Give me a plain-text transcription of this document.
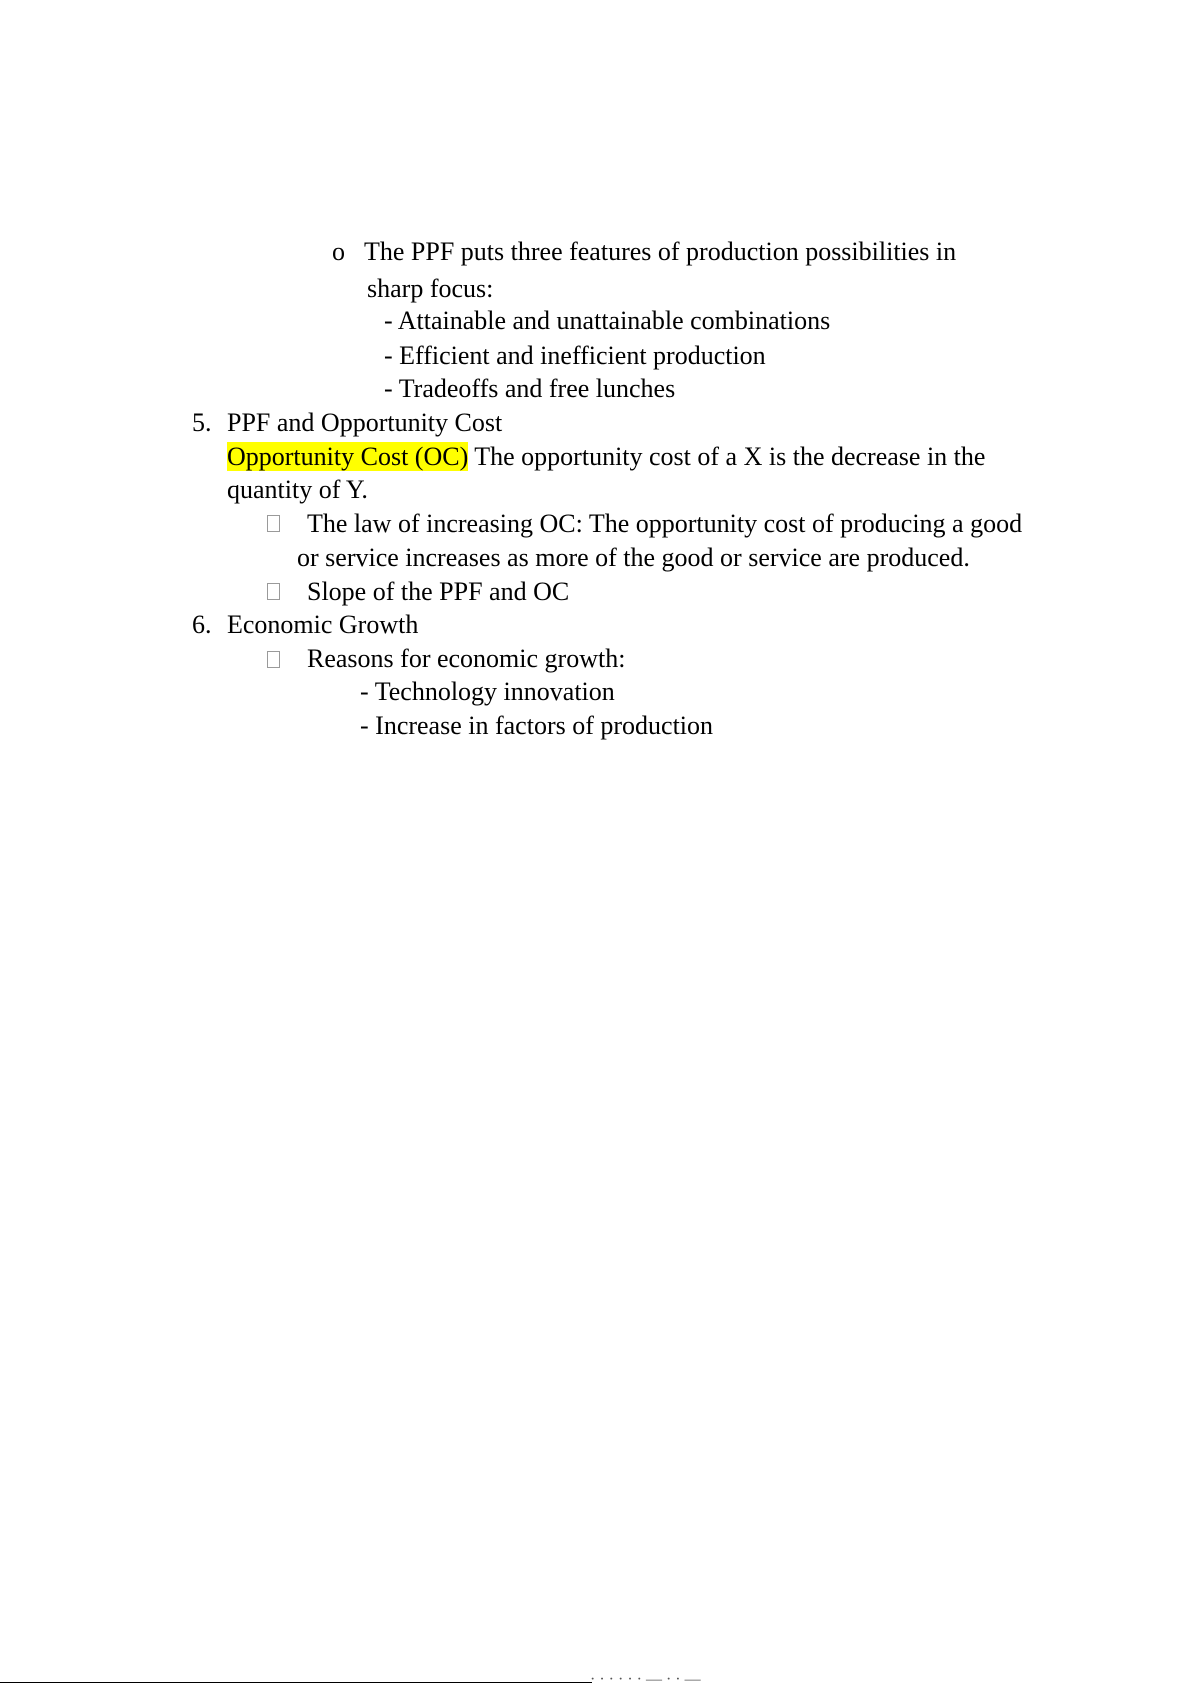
o The PPF puts three features of production possibilities in
sharp focus:
- Attainable and unattainable combinations
- Efficient and inefficient production
- Tradeoffs and free lunches
5. PPF and Opportunity Cost
Opportunity Cost (OC) The opportunity cost of a X is the decrease in the
quantity of Y.
The law of increasing OC: The opportunity cost of producing a good
or service increases as more of the good or service are produced.
Slope of the PPF and OC
6. Economic Growth
Reasons for economic growth:
- Technology innovation
- Increase in factors of production
· · · · · · — · · —
